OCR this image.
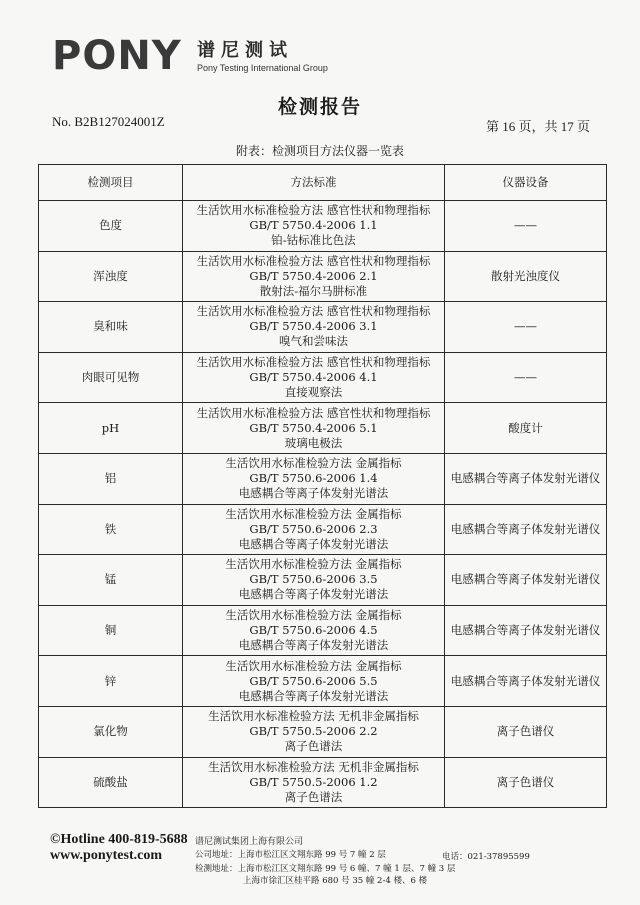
PONY 谱尼测试
Pony Testing International Group
检测报告
No. B2B127024001Z	第 16 页，共 17 页
附表：检测项目方法仪器一览表
检测项目	方法标准	仪器设备
色度	生活饮用水标准检验方法 感官性状和物理指标
GB/T 5750.4-2006 1.1
铂-钴标准比色法	——
浑浊度	生活饮用水标准检验方法 感官性状和物理指标
GB/T 5750.4-2006 2.1
散射法-福尔马肼标准	散射光浊度仪
臭和味	生活饮用水标准检验方法 感官性状和物理指标
GB/T 5750.4-2006 3.1
嗅气和尝味法	——
肉眼可见物	生活饮用水标准检验方法 感官性状和物理指标
GB/T 5750.4-2006 4.1
直接观察法	——
pH	生活饮用水标准检验方法 感官性状和物理指标
GB/T 5750.4-2006 5.1
玻璃电极法	酸度计
铝	生活饮用水标准检验方法 金属指标
GB/T 5750.6-2006 1.4
电感耦合等离子体发射光谱法	电感耦合等离子体发射光谱仪
铁	生活饮用水标准检验方法 金属指标
GB/T 5750.6-2006 2.3
电感耦合等离子体发射光谱法	电感耦合等离子体发射光谱仪
锰	生活饮用水标准检验方法 金属指标
GB/T 5750.6-2006 3.5
电感耦合等离子体发射光谱法	电感耦合等离子体发射光谱仪
铜	生活饮用水标准检验方法 金属指标
GB/T 5750.6-2006 4.5
电感耦合等离子体发射光谱法	电感耦合等离子体发射光谱仪
锌	生活饮用水标准检验方法 金属指标
GB/T 5750.6-2006 5.5
电感耦合等离子体发射光谱法	电感耦合等离子体发射光谱仪
氯化物	生活饮用水标准检验方法 无机非金属指标
GB/T 5750.5-2006 2.2
离子色谱法	离子色谱仪
硫酸盐	生活饮用水标准检验方法 无机非金属指标
GB/T 5750.5-2006 1.2
离子色谱法	离子色谱仪
©Hotline 400-819-5688
www.ponytest.com
谱尼测试集团上海有限公司
公司地址：上海市松江区文翔东路 99 号 7 幢 2 层
检测地址：上海市松江区文翔东路 99 号 6 幢、7 幢 1 层、7 幢 3 层
上海市徐汇区桂平路 680 号 35 幢 2-4 楼、6 楼
电话：021-37895599
